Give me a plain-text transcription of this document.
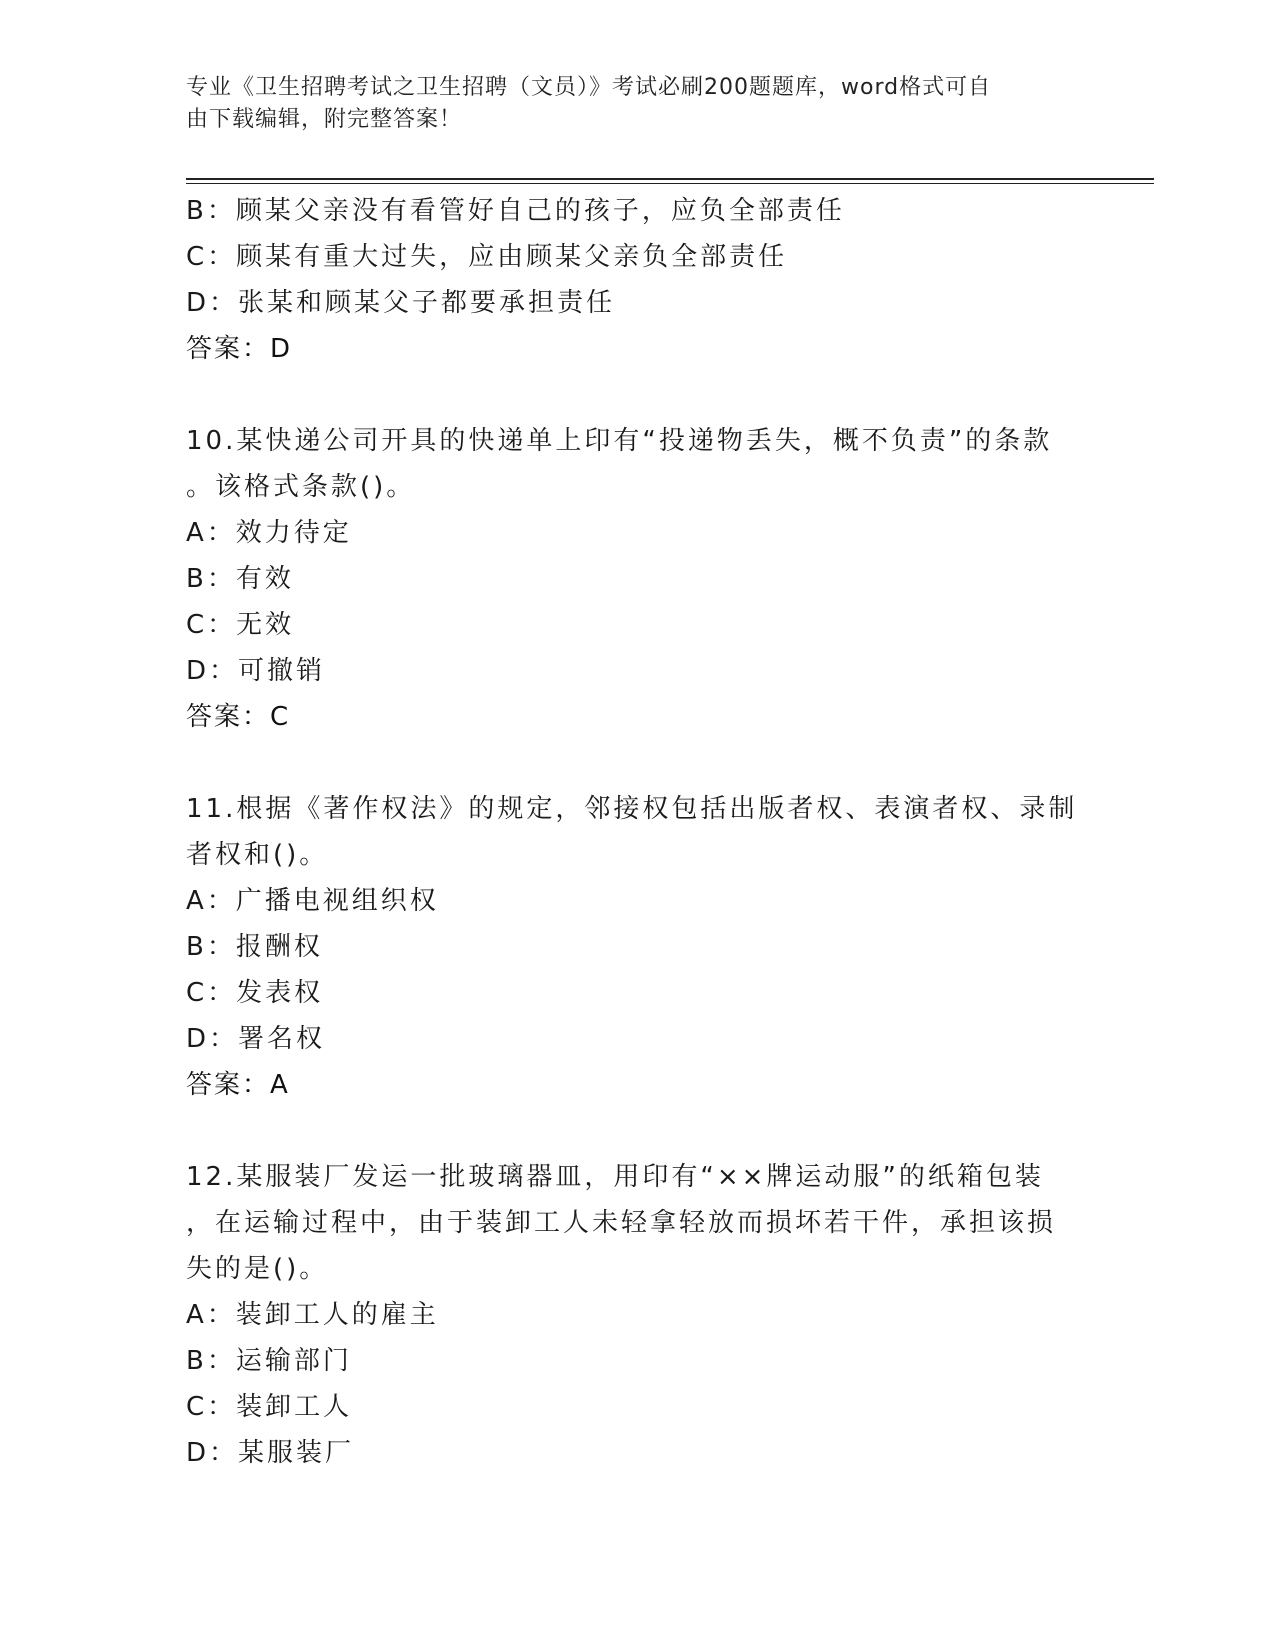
专业《卫生招聘考试之卫生招聘（文员）》考试必刷200题题库，word格式可自
由下载编辑，附完整答案！
B：顾某父亲没有看管好自己的孩子，应负全部责任
C：顾某有重大过失，应由顾某父亲负全部责任
D：张某和顾某父子都要承担责任
答案：D
10.某快递公司开具的快递单上印有“投递物丢失，概不负责”的条款
。该格式条款()。
A：效力待定
B：有效
C：无效
D：可撤销
答案：C
11.根据《著作权法》的规定，邻接权包括出版者权、表演者权、录制
者权和()。
A：广播电视组织权
B：报酬权
C：发表权
D：署名权
答案：A
12.某服装厂发运一批玻璃器皿，用印有“××牌运动服”的纸箱包装
，在运输过程中，由于装卸工人未轻拿轻放而损坏若干件，承担该损
失的是()。
A：装卸工人的雇主
B：运输部门
C：装卸工人
D：某服装厂
